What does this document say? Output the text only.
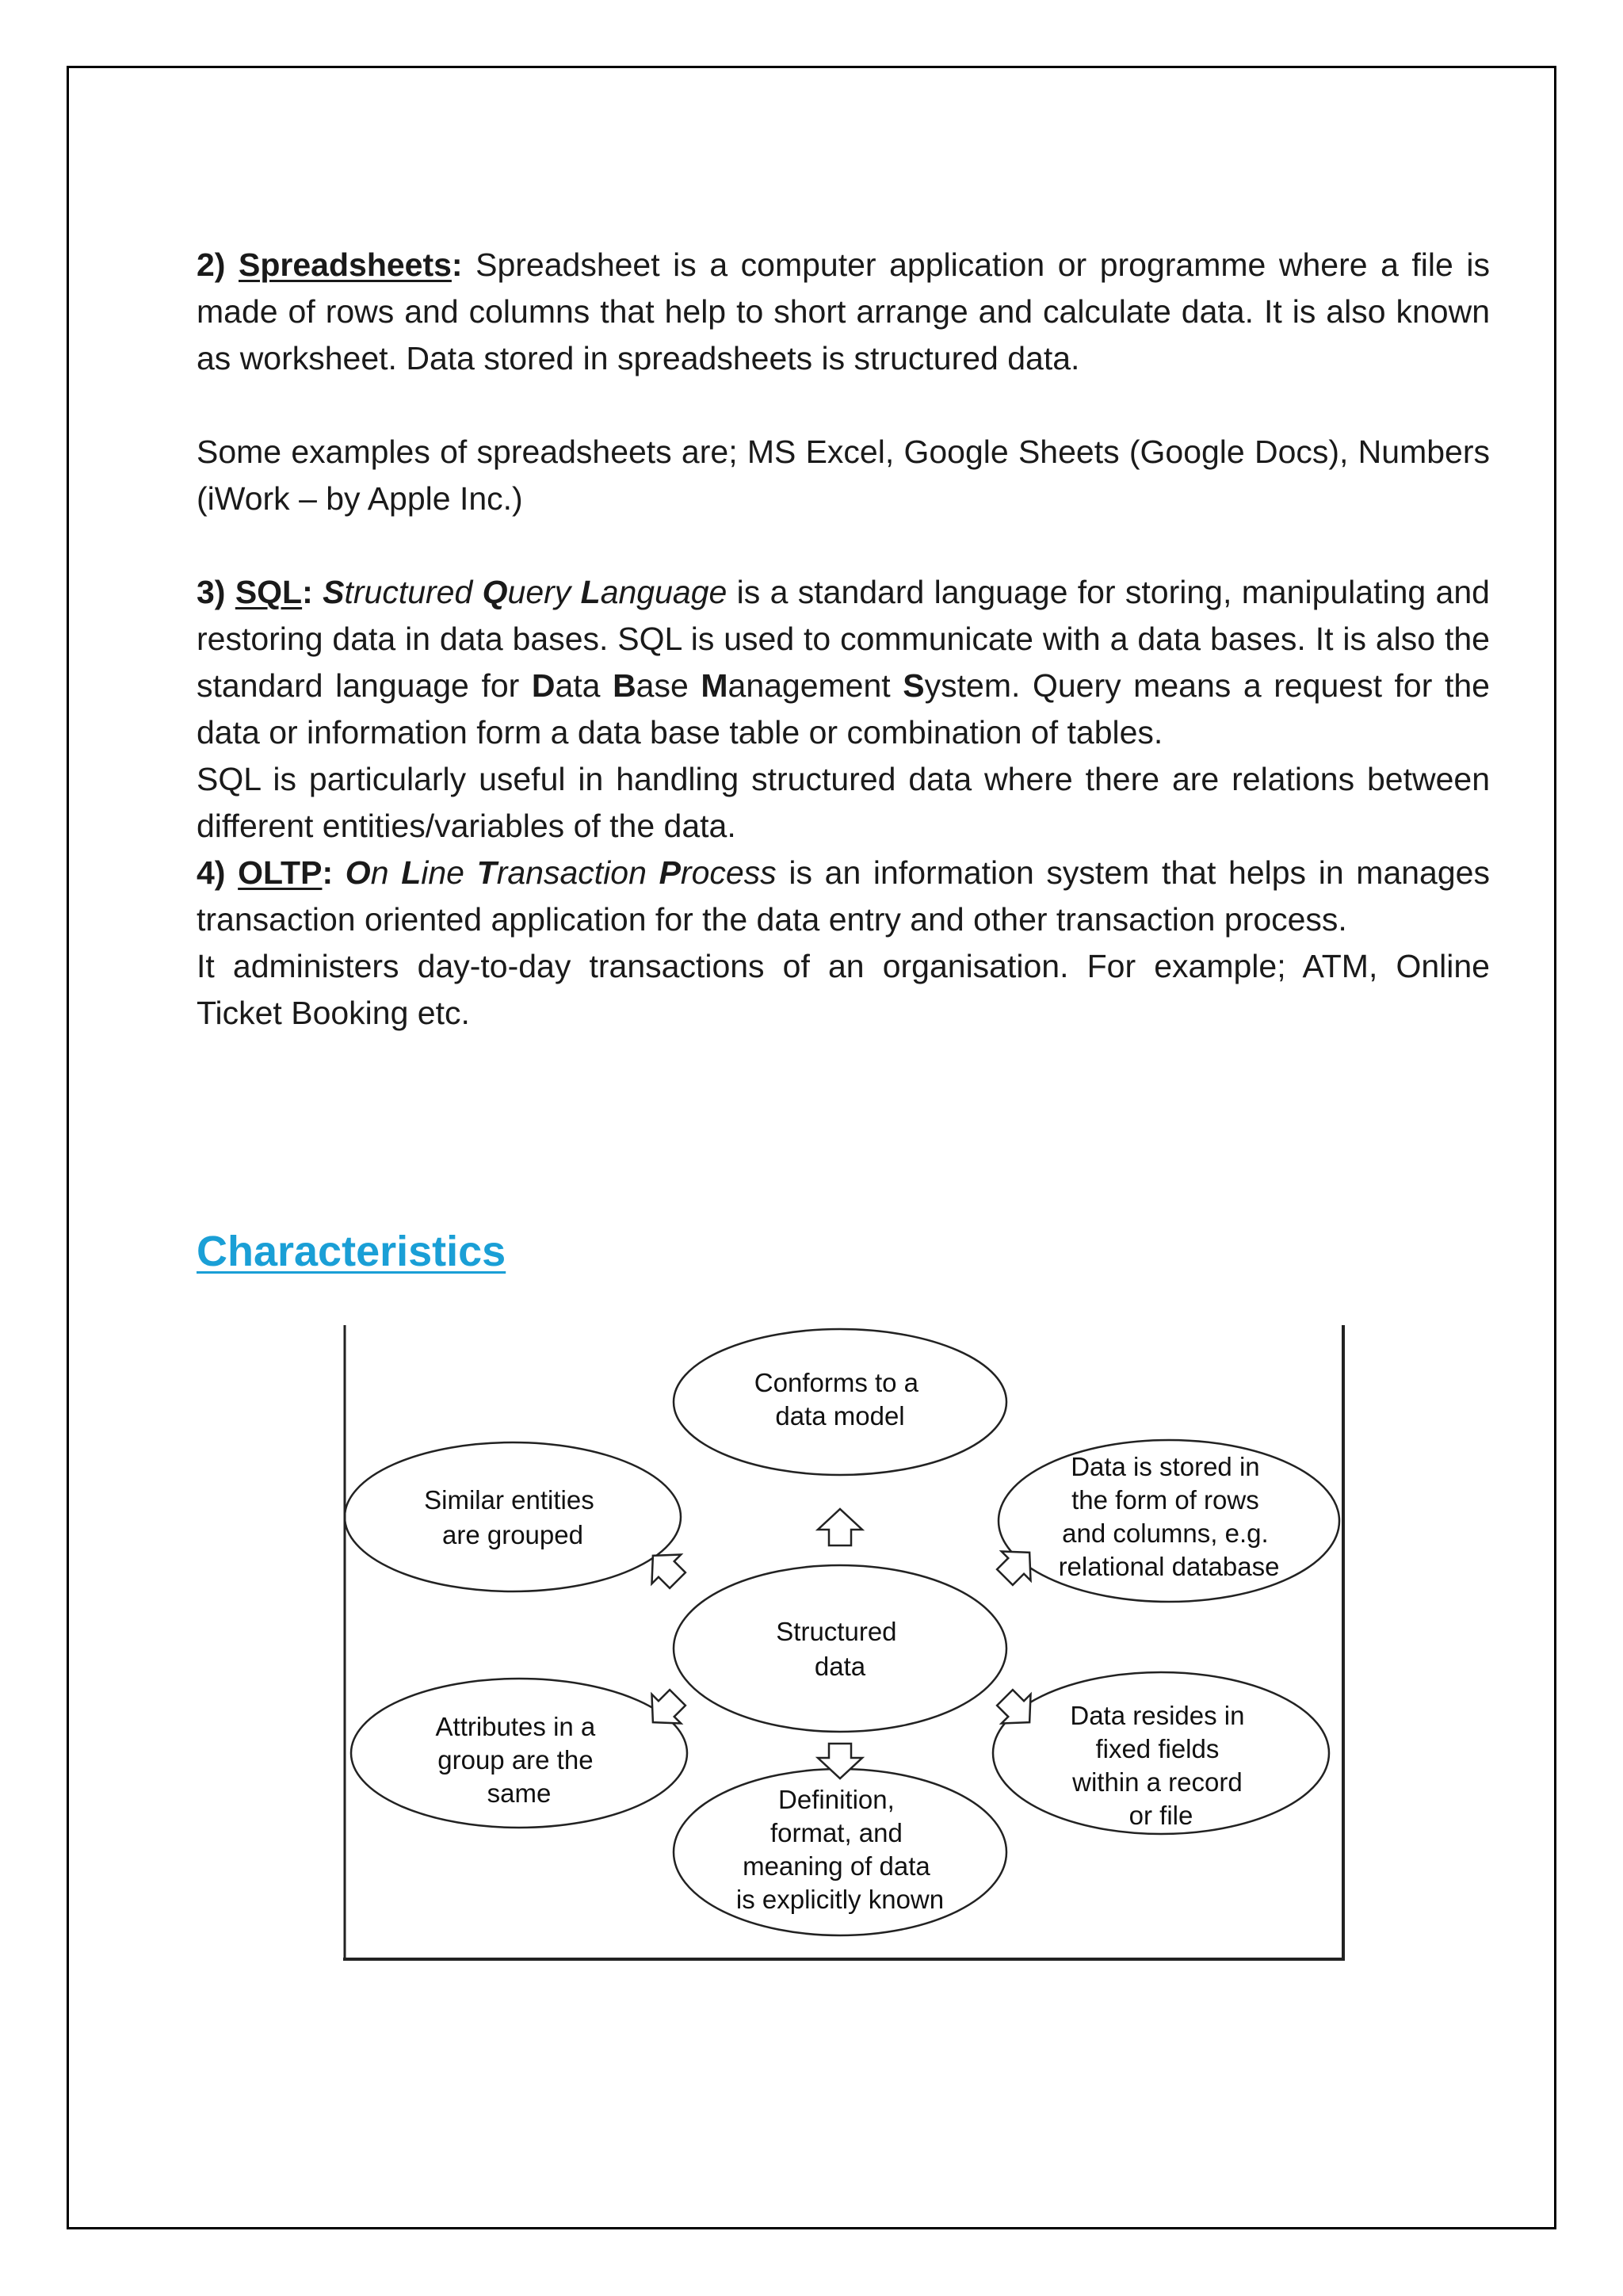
2) Spreadsheets: Spreadsheet is a computer application or programme where a file is made of rows and columns that help to short arrange and calculate data. It is also known as worksheet. Data stored in spreadsheets is structured data.

Some examples of spreadsheets are; MS Excel, Google Sheets (Google Docs), Numbers (iWork – by Apple Inc.)

3) SQL: Structured Query Language is a standard language for storing, manipulating and restoring data in data bases. SQL is used to communicate with a data bases. It is also the standard language for Data Base Management System. Query means a request for the data or information form a data base table or combination of tables.

SQL is particularly useful in handling structured data where there are relations between different entities/variables of the data.

4) OLTP: On Line Transaction Process is an information system that helps in manages transaction oriented application for the data entry and other transaction process.

It administers day-to-day transactions of an organisation. For example; ATM, Online Ticket Booking etc.

Characteristics
Conforms to a data model
Similar entities are grouped
Data is stored in the form of rows and columns, e.g. relational database
Structured data
Attributes in a group are the same
Data resides in fixed fields within a record or file
Definition, format, and meaning of data is explicitly known
